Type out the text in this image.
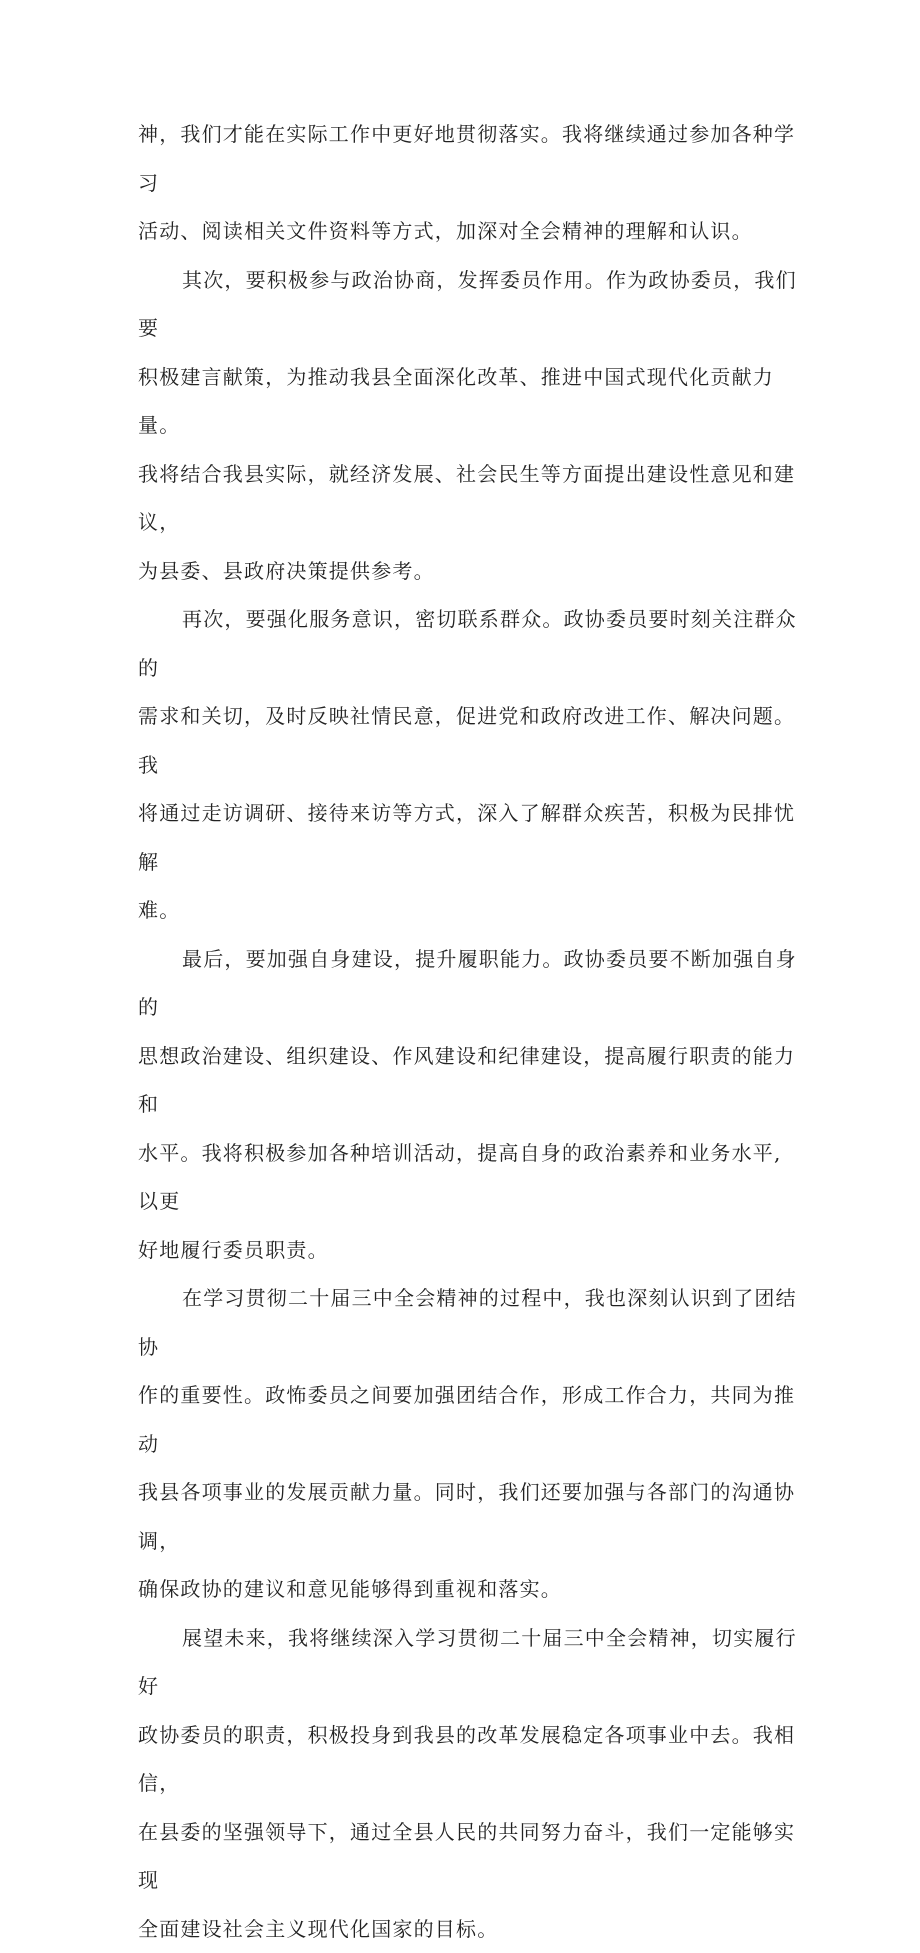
神，我们才能在实际工作中更好地贯彻落实。我将继续通过参加各种学习
活动、阅读相关文件资料等方式，加深对全会精神的理解和认识。

其次，要积极参与政治协商，发挥委员作用。作为政协委员，我们要
积极建言献策，为推动我县全面深化改革、推进中国式现代化贡献力量。
我将结合我县实际，就经济发展、社会民生等方面提出建设性意见和建议，
为县委、县政府决策提供参考。

再次，要强化服务意识，密切联系群众。政协委员要时刻关注群众的
需求和关切，及时反映社情民意，促进党和政府改进工作、解决问题。我
将通过走访调研、接待来访等方式，深入了解群众疾苦，积极为民排忧解
难。

最后，要加强自身建设，提升履职能力。政协委员要不断加强自身的
思想政治建设、组织建设、作风建设和纪律建设，提高履行职责的能力和
水平。我将积极参加各种培训活动，提高自身的政治素养和业务水平,以更
好地履行委员职责。

在学习贯彻二十届三中全会精神的过程中，我也深刻认识到了团结协
作的重要性。政怖委员之间要加强团结合作，形成工作合力，共同为推动
我县各项事业的发展贡献力量。同时，我们还要加强与各部门的沟通协调，
确保政协的建议和意见能够得到重视和落实。

展望未来，我将继续深入学习贯彻二十届三中全会精神，切实履行好
政协委员的职责，积极投身到我县的改革发展稳定各项事业中去。我相信，
在县委的坚强领导下，通过全县人民的共同努力奋斗，我们一定能够实现
全面建设社会主义现代化国家的目标。
